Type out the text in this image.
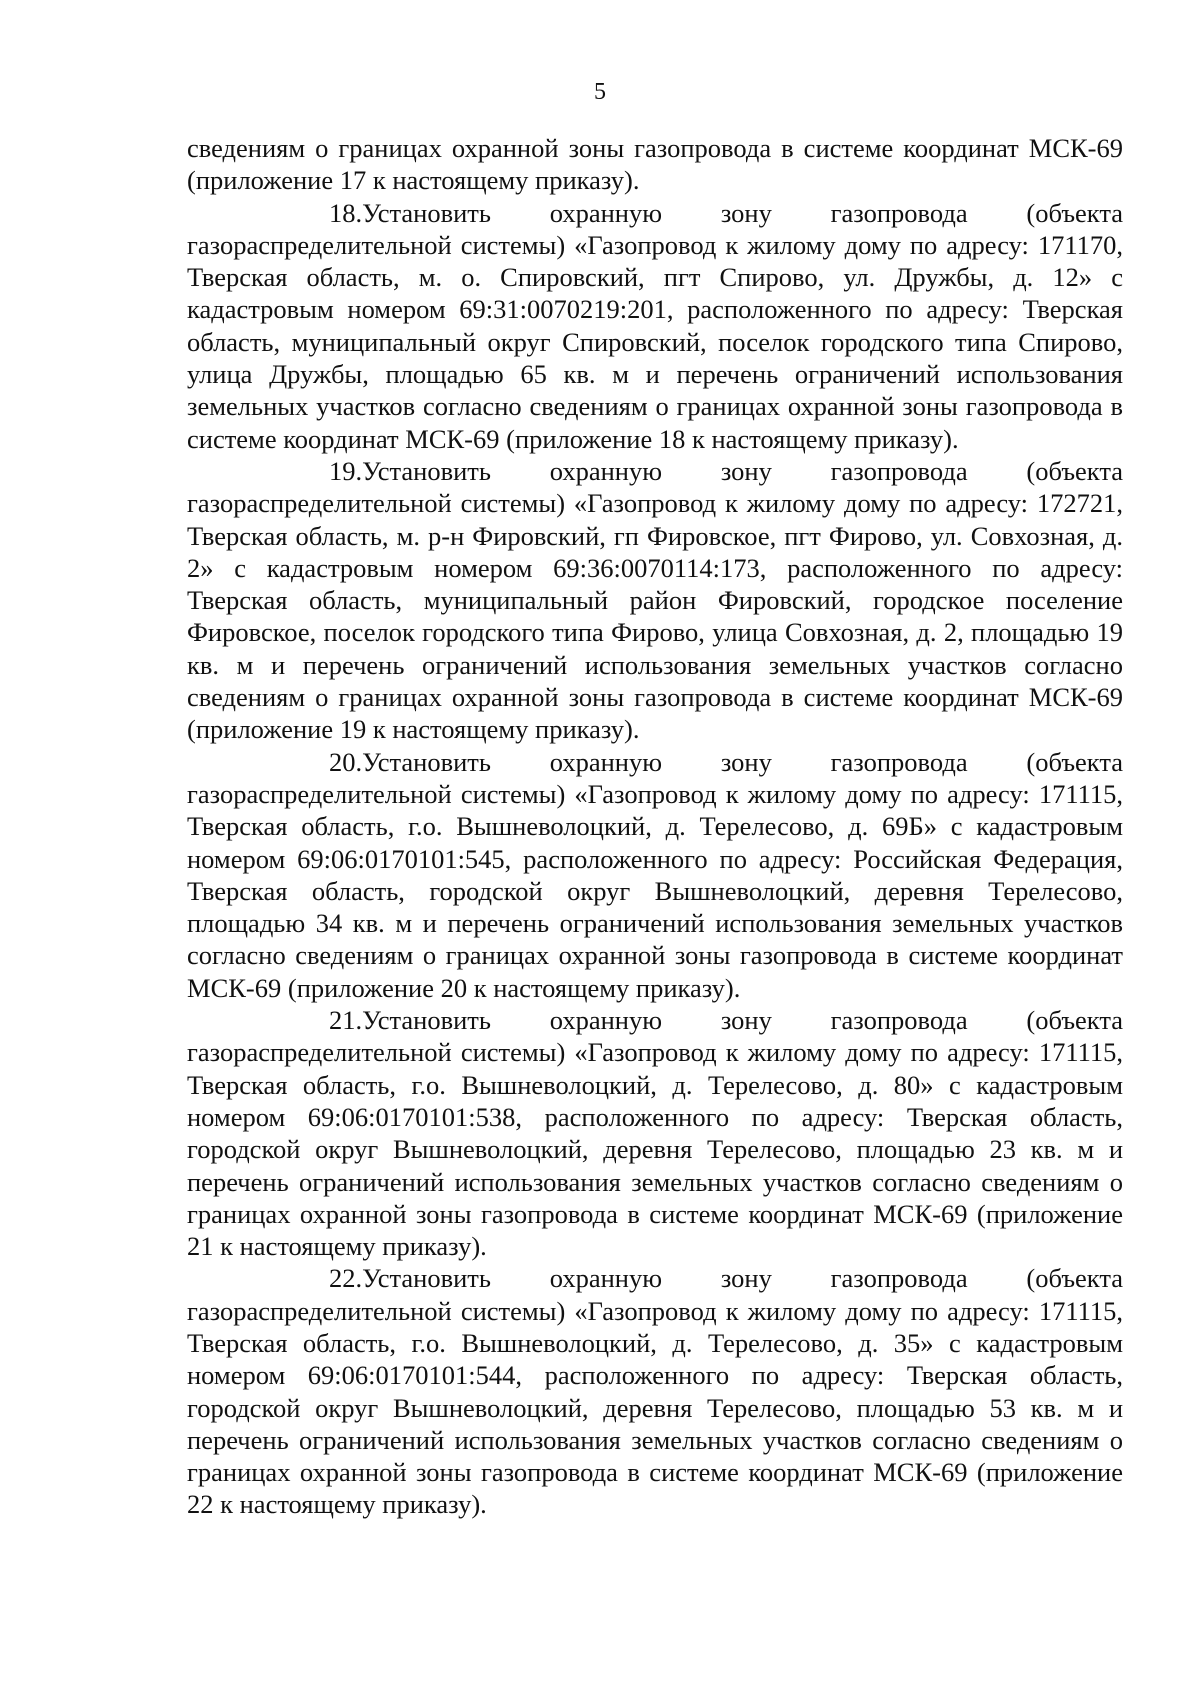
5

сведениям о границах охранной зоны газопровода в системе координат МСК-69 (приложение 17 к настоящему приказу).

18.Установить охранную зону газопровода (объекта газораспределительной системы) «Газопровод к жилому дому по адресу: 171170, Тверская область, м. о. Спировский, пгт Спирово, ул. Дружбы, д. 12» с кадастровым номером 69:31:0070219:201, расположенного по адресу: Тверская область, муниципальный округ Спировский, поселок городского типа Спирово, улица Дружбы, площадью 65 кв. м и перечень ограничений использования земельных участков согласно сведениям о границах охранной зоны газопровода в системе координат МСК-69 (приложение 18 к настоящему приказу).

19.Установить охранную зону газопровода (объекта газораспределительной системы) «Газопровод к жилому дому по адресу: 172721, Тверская область, м. р-н Фировский, гп Фировское, пгт Фирово, ул. Совхозная, д. 2» с кадастровым номером 69:36:0070114:173, расположенного по адресу: Тверская область, муниципальный район Фировский, городское поселение Фировское, поселок городского типа Фирово, улица Совхозная, д. 2, площадью 19 кв. м и перечень ограничений использования земельных участков согласно сведениям о границах охранной зоны газопровода в системе координат МСК-69 (приложение 19 к настоящему приказу).

20.Установить охранную зону газопровода (объекта газораспределительной системы) «Газопровод к жилому дому по адресу: 171115, Тверская область, г.о. Вышневолоцкий, д. Терелесово, д. 69Б» с кадастровым номером 69:06:0170101:545, расположенного по адресу: Российская Федерация, Тверская область, городской округ Вышневолоцкий, деревня Терелесово, площадью 34 кв. м и перечень ограничений использования земельных участков согласно сведениям о границах охранной зоны газопровода в системе координат МСК-69 (приложение 20 к настоящему приказу).

21.Установить охранную зону газопровода (объекта газораспределительной системы) «Газопровод к жилому дому по адресу: 171115, Тверская область, г.о. Вышневолоцкий, д. Терелесово, д. 80» с кадастровым номером 69:06:0170101:538, расположенного по адресу: Тверская область, городской округ Вышневолоцкий, деревня Терелесово, площадью 23 кв. м и перечень ограничений использования земельных участков согласно сведениям о границах охранной зоны газопровода в системе координат МСК-69 (приложение 21 к настоящему приказу).

22.Установить охранную зону газопровода (объекта газораспределительной системы) «Газопровод к жилому дому по адресу: 171115, Тверская область, г.о. Вышневолоцкий, д. Терелесово, д. 35» с кадастровым номером 69:06:0170101:544, расположенного по адресу: Тверская область, городской округ Вышневолоцкий, деревня Терелесово, площадью 53 кв. м и перечень ограничений использования земельных участков согласно сведениям о границах охранной зоны газопровода в системе координат МСК-69 (приложение 22 к настоящему приказу).
